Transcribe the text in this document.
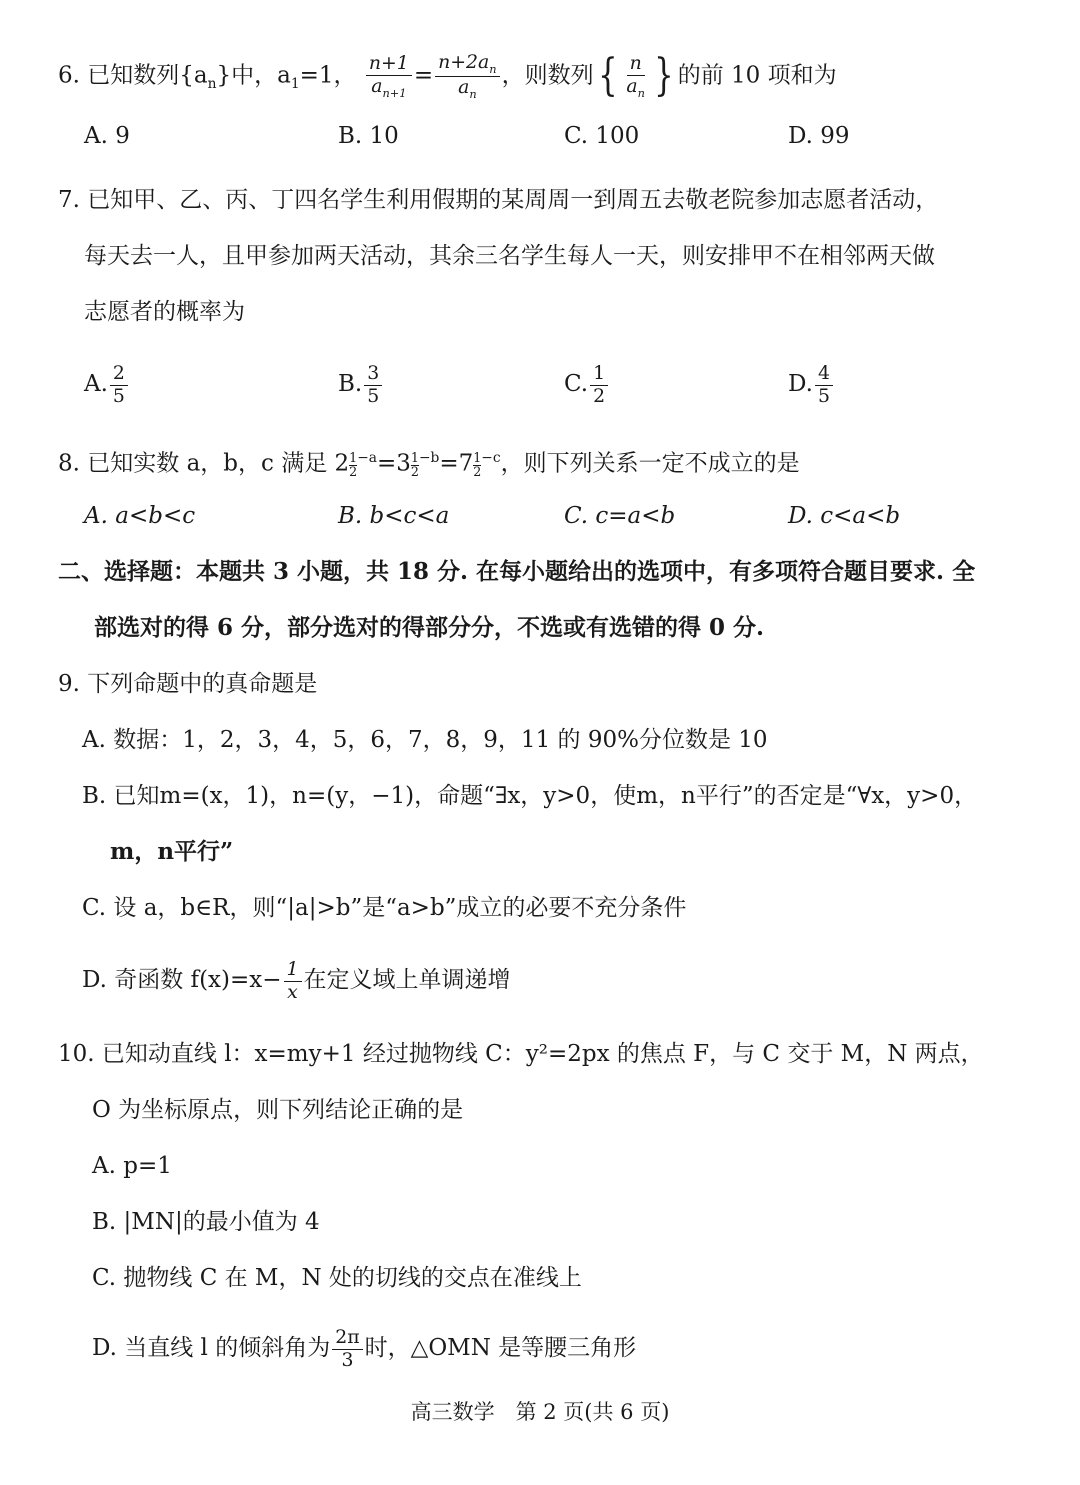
6. 已知数列$\{a_n\}$中，$a_1=1$， $\frac{n+1}{a_{n+1}} = \frac{n+2a_n}{a_n}$ ，则数列{ $\frac{n}{a_n}$ } 的前 10 项和为
A. 9	B. 10	C. 100	D. 99
7. 已知甲、乙、丙、丁四名学生利用假期的某周周一到周五去敬老院参加志愿者活动，
每天去一人，且甲参加两天活动，其余三名学生每人一天，则安排甲不在相邻两天做
志愿者的概率为
A. $\frac{2}{5}$	B. $\frac{3}{5}$	C. $\frac{1}{2}$	D. $\frac{4}{5}$
8. 已知实数 a，b，c 满足 $2 \frac{1}{2} ^{-a}=3 \frac{1}{2} ^{-b}=7 \frac{1}{2} ^{-c}$，则下列关系一定不成立的是
A. a<b<c	B. b<c<a	C. c=a<b	D. c<a<b
二、选择题：本题共 3 小题，共 18 分. 在每小题给出的选项中，有多项符合题目要求. 全
部选对的得 6 分，部分选对的得部分分，不选或有选错的得 0 分.
9. 下列命题中的真命题是
A. 数据：1，2，3，4，5，6，7，8，9，11 的 90%分位数是 10
B. 已知m=(x，1)，n=(y，−1)，命题“∃x，y>0，使m，n平行”的否定是“∀x，y>0，
m，n平行”
C. 设 a，b∈R，则“|a|>b”是“a>b”成立的必要不充分条件
D. 奇函数 $f(x)=x- \frac{1}{x}$ 在定义域上单调递增
10. 已知动直线 l：x=my+1 经过抛物线 C：y²=2px 的焦点 F，与 C 交于 M，N 两点，
O 为坐标原点，则下列结论正确的是
A. p=1
B. |MN|的最小值为 4
C. 抛物线 C 在 M，N 处的切线的交点在准线上
D. 当直线 l 的倾斜角为 $\frac{2\pi}{3}$ 时，△OMN 是等腰三角形
高三数学　第 2 页(共 6 页)
